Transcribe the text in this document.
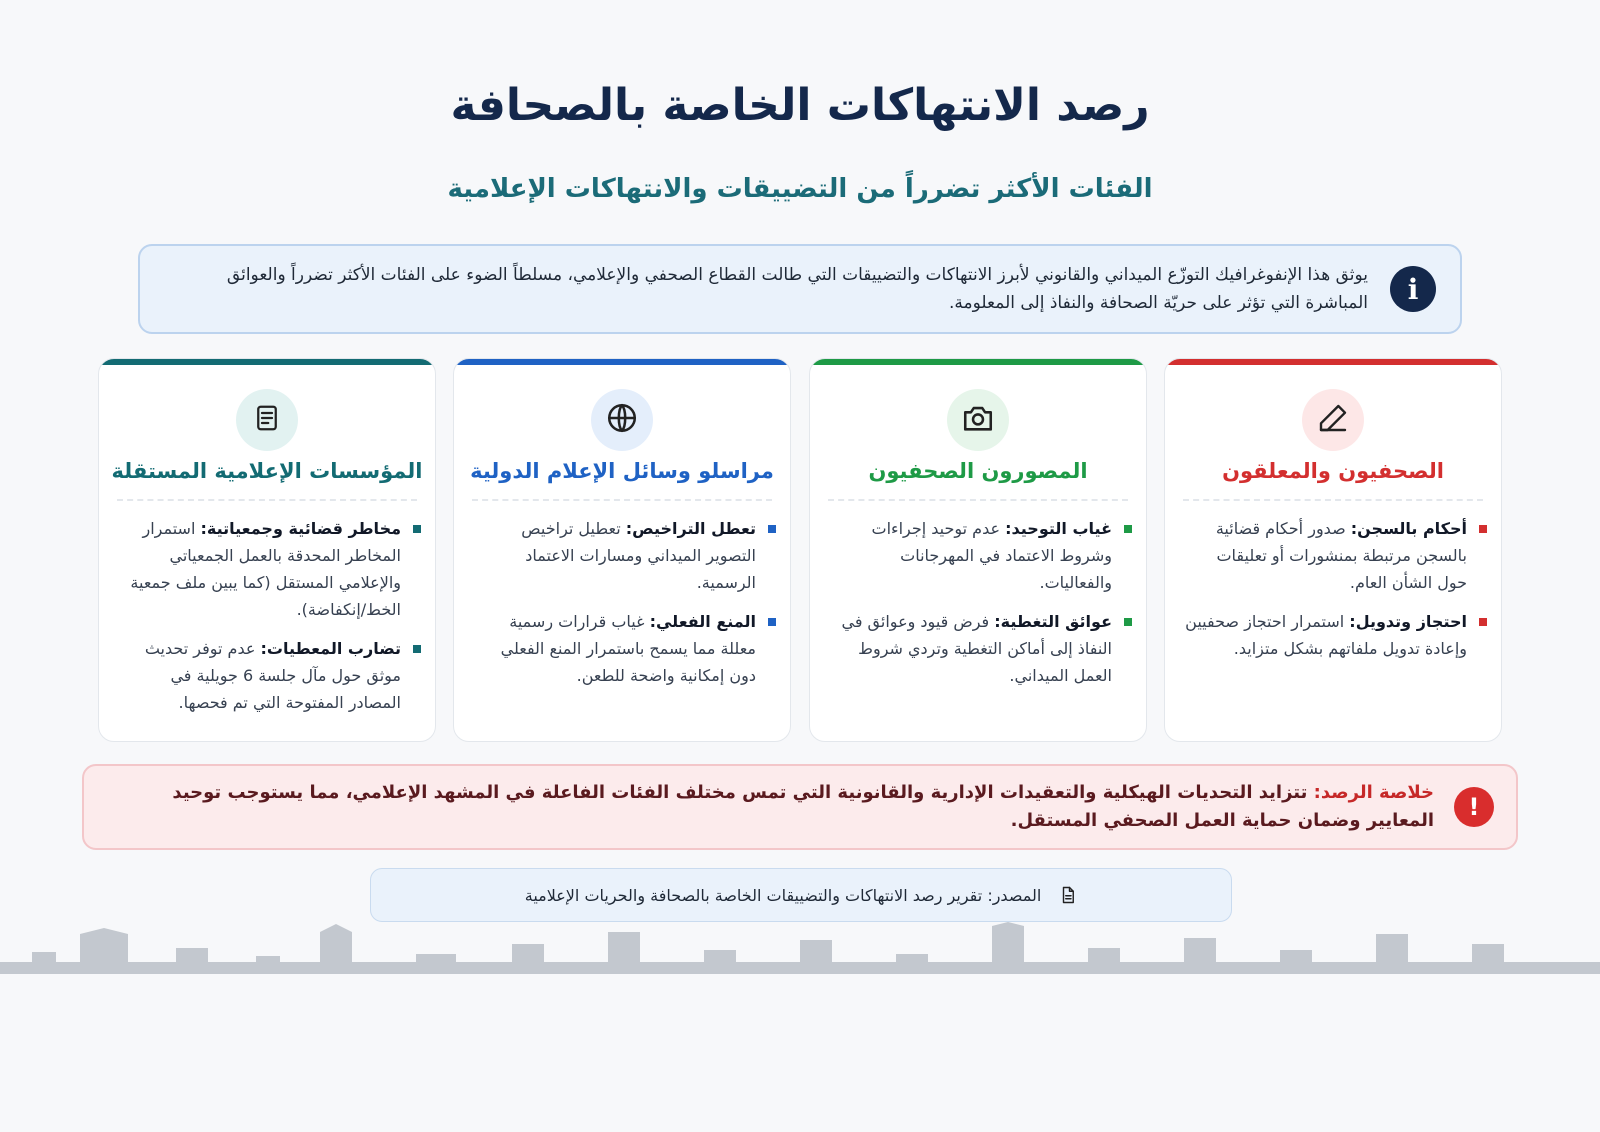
رصد الانتهاكات الخاصة بالصحافة
الفئات الأكثر تضرراً من التضييقات والانتهاكات الإعلامية
i

يوثق هذا الإنفوغرافيك التوزّع الميداني والقانوني لأبرز الانتهاكات والتضييقات التي طالت القطاع الصحفي والإعلامي، مسلطاً الضوء على الفئات الأكثر تضرراً والعوائق المباشرة التي تؤثر على حريّة الصحافة والنفاذ إلى المعلومة.

الصحفيون والمعلقون
أحكام بالسجن: صدور أحكام قضائية بالسجن مرتبطة بمنشورات أو تعليقات حول الشأن العام.
احتجاز وتدويل: استمرار احتجاز صحفيين وإعادة تدويل ملفاتهم بشكل متزايد.
المصورون الصحفيون
غياب التوحيد: عدم توحيد إجراءات وشروط الاعتماد في المهرجانات والفعاليات.
عوائق التغطية: فرض قيود وعوائق في النفاذ إلى أماكن التغطية وتردي شروط العمل الميداني.
مراسلو وسائل الإعلام الدولية
تعطل التراخيص: تعطيل تراخيص التصوير الميداني ومسارات الاعتماد الرسمية.
المنع الفعلي: غياب قرارات رسمية معللة مما يسمح باستمرار المنع الفعلي دون إمكانية واضحة للطعن.
المؤسسات الإعلامية المستقلة
مخاطر قضائية وجمعياتية: استمرار المخاطر المحدقة بالعمل الجمعياتي والإعلامي المستقل (كما يبين ملف جمعية الخط/إنكفاضة).
تضارب المعطيات: عدم توفر تحديث موثق حول مآل جلسة 6 جويلية في المصادر المفتوحة التي تم فحصها.
!

خلاصة الرصد: تتزايد التحديات الهيكلية والتعقيدات الإدارية والقانونية التي تمس مختلف الفئات الفاعلة في المشهد الإعلامي، مما يستوجب توحيد المعايير وضمان حماية العمل الصحفي المستقل.

المصدر: تقرير رصد الانتهاكات والتضييقات الخاصة بالصحافة والحريات الإعلامية
